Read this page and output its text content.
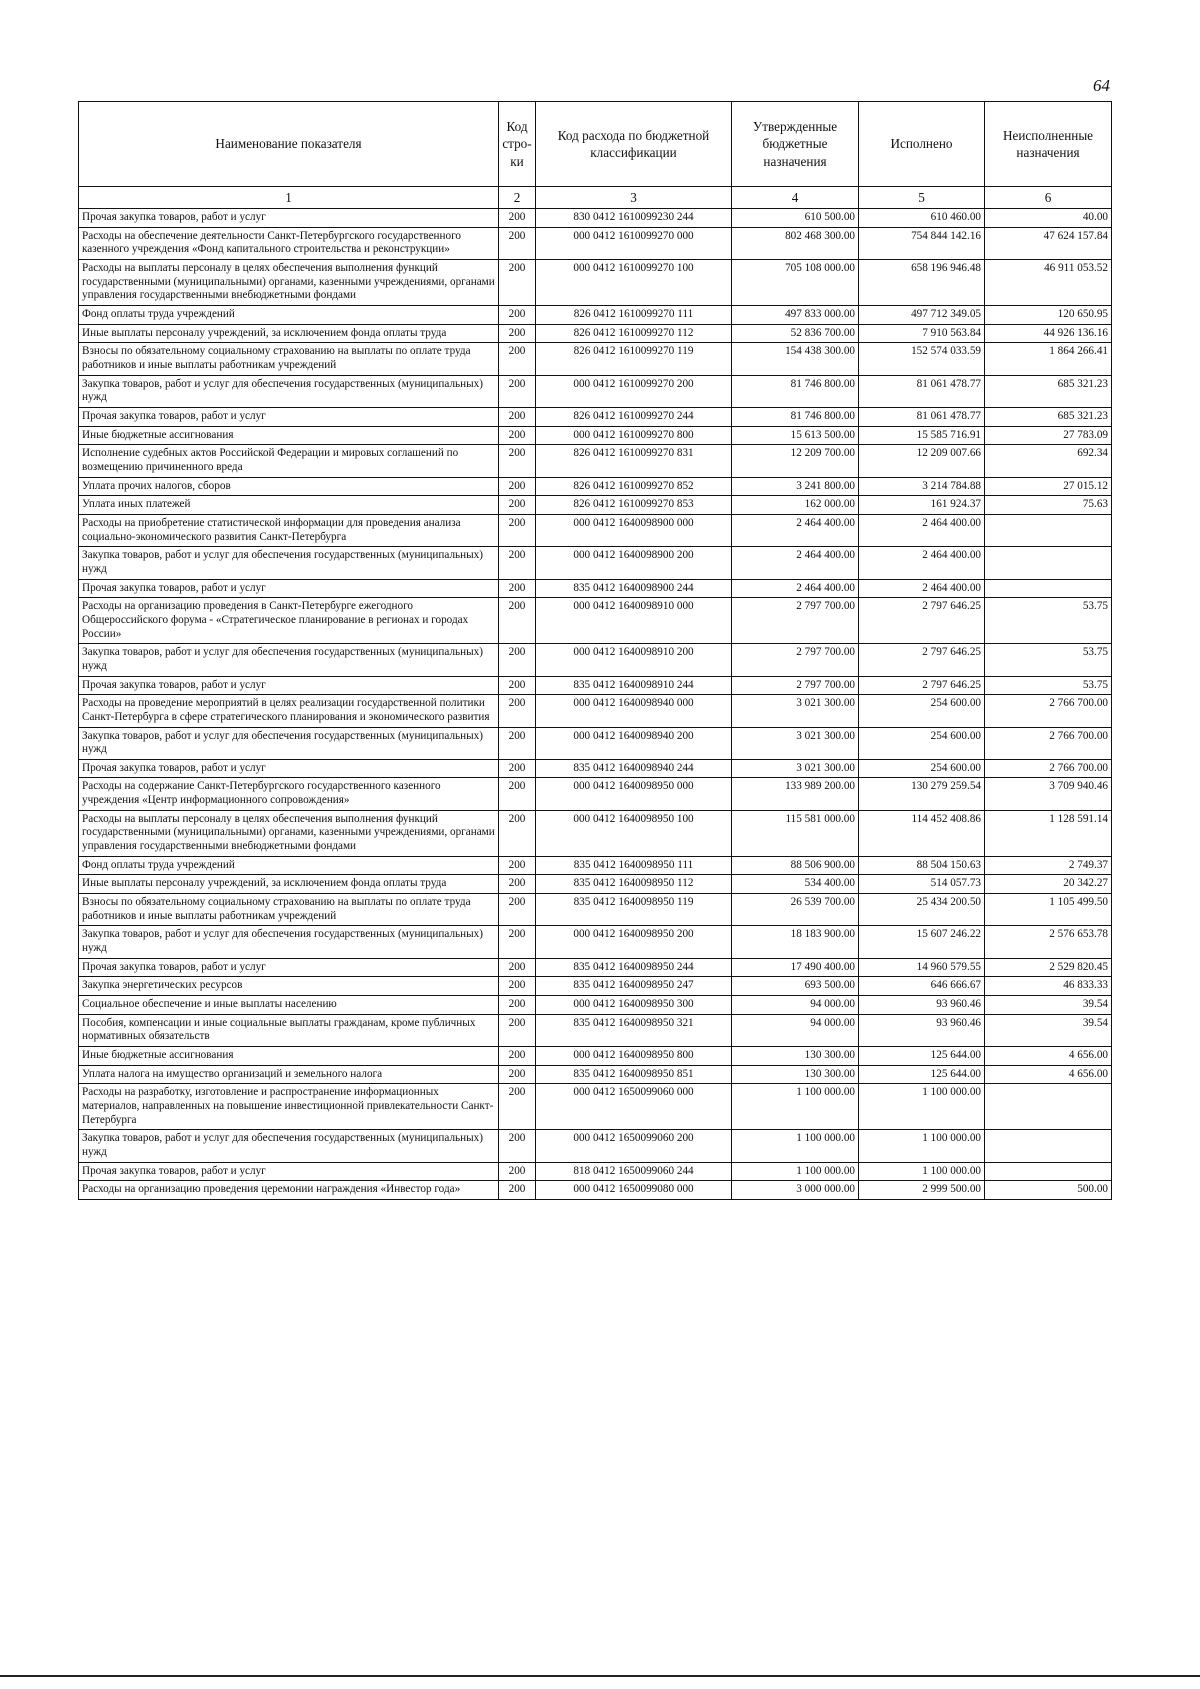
64
Наименование показателя	Код стро-ки	Код расхода по бюджетной классификации	Утвержденные бюджетные назначения	Исполнено	Неисполненные назначения
1	2	3	4	5	6
Прочая закупка товаров, работ и услуг	200	830 0412 1610099230 244	610 500.00	610 460.00	40.00
Расходы на обеспечение деятельности Санкт-Петербургского государственного казенного учреждения «Фонд капитального строительства и реконструкции»	200	000 0412 1610099270 000	802 468 300.00	754 844 142.16	47 624 157.84
Расходы на выплаты персоналу в целях обеспечения выполнения функций государственными (муниципальными) органами, казенными учреждениями, органами управления государственными внебюджетными фондами	200	000 0412 1610099270 100	705 108 000.00	658 196 946.48	46 911 053.52
Фонд оплаты труда учреждений	200	826 0412 1610099270 111	497 833 000.00	497 712 349.05	120 650.95
Иные выплаты персоналу учреждений, за исключением фонда оплаты труда	200	826 0412 1610099270 112	52 836 700.00	7 910 563.84	44 926 136.16
Взносы по обязательному социальному страхованию на выплаты по оплате труда работников и иные выплаты работникам учреждений	200	826 0412 1610099270 119	154 438 300.00	152 574 033.59	1 864 266.41
Закупка товаров, работ и услуг для обеспечения государственных (муниципальных) нужд	200	000 0412 1610099270 200	81 746 800.00	81 061 478.77	685 321.23
Прочая закупка товаров, работ и услуг	200	826 0412 1610099270 244	81 746 800.00	81 061 478.77	685 321.23
Иные бюджетные ассигнования	200	000 0412 1610099270 800	15 613 500.00	15 585 716.91	27 783.09
Исполнение судебных актов Российской Федерации и мировых соглашений по возмещению причиненного вреда	200	826 0412 1610099270 831	12 209 700.00	12 209 007.66	692.34
Уплата прочих налогов, сборов	200	826 0412 1610099270 852	3 241 800.00	3 214 784.88	27 015.12
Уплата иных платежей	200	826 0412 1610099270 853	162 000.00	161 924.37	75.63
Расходы на приобретение статистической информации для проведения анализа социально-экономического развития Санкт-Петербурга	200	000 0412 1640098900 000	2 464 400.00	2 464 400.00	
Закупка товаров, работ и услуг для обеспечения государственных (муниципальных) нужд	200	000 0412 1640098900 200	2 464 400.00	2 464 400.00	
Прочая закупка товаров, работ и услуг	200	835 0412 1640098900 244	2 464 400.00	2 464 400.00	
Расходы на организацию проведения в Санкт-Петербурге ежегодного Общероссийского форума - «Стратегическое планирование в регионах и городах России»	200	000 0412 1640098910 000	2 797 700.00	2 797 646.25	53.75
Закупка товаров, работ и услуг для обеспечения государственных (муниципальных) нужд	200	000 0412 1640098910 200	2 797 700.00	2 797 646.25	53.75
Прочая закупка товаров, работ и услуг	200	835 0412 1640098910 244	2 797 700.00	2 797 646.25	53.75
Расходы на проведение мероприятий в целях реализации государственной политики Санкт-Петербурга в сфере стратегического планирования и экономического развития	200	000 0412 1640098940 000	3 021 300.00	254 600.00	2 766 700.00
Закупка товаров, работ и услуг для обеспечения государственных (муниципальных) нужд	200	000 0412 1640098940 200	3 021 300.00	254 600.00	2 766 700.00
Прочая закупка товаров, работ и услуг	200	835 0412 1640098940 244	3 021 300.00	254 600.00	2 766 700.00
Расходы на содержание Санкт-Петербургского государственного казенного учреждения «Центр информационного сопровождения»	200	000 0412 1640098950 000	133 989 200.00	130 279 259.54	3 709 940.46
Расходы на выплаты персоналу в целях обеспечения выполнения функций государственными (муниципальными) органами, казенными учреждениями, органами управления государственными внебюджетными фондами	200	000 0412 1640098950 100	115 581 000.00	114 452 408.86	1 128 591.14
Фонд оплаты труда учреждений	200	835 0412 1640098950 111	88 506 900.00	88 504 150.63	2 749.37
Иные выплаты персоналу учреждений, за исключением фонда оплаты труда	200	835 0412 1640098950 112	534 400.00	514 057.73	20 342.27
Взносы по обязательному социальному страхованию на выплаты по оплате труда работников и иные выплаты работникам учреждений	200	835 0412 1640098950 119	26 539 700.00	25 434 200.50	1 105 499.50
Закупка товаров, работ и услуг для обеспечения государственных (муниципальных) нужд	200	000 0412 1640098950 200	18 183 900.00	15 607 246.22	2 576 653.78
Прочая закупка товаров, работ и услуг	200	835 0412 1640098950 244	17 490 400.00	14 960 579.55	2 529 820.45
Закупка энергетических ресурсов	200	835 0412 1640098950 247	693 500.00	646 666.67	46 833.33
Социальное обеспечение и иные выплаты населению	200	000 0412 1640098950 300	94 000.00	93 960.46	39.54
Пособия, компенсации и иные социальные выплаты гражданам, кроме публичных нормативных обязательств	200	835 0412 1640098950 321	94 000.00	93 960.46	39.54
Иные бюджетные ассигнования	200	000 0412 1640098950 800	130 300.00	125 644.00	4 656.00
Уплата налога на имущество организаций и земельного налога	200	835 0412 1640098950 851	130 300.00	125 644.00	4 656.00
Расходы на разработку, изготовление и распространение информационных материалов, направленных на повышение инвестиционной привлекательности Санкт-Петербурга	200	000 0412 1650099060 000	1 100 000.00	1 100 000.00	
Закупка товаров, работ и услуг для обеспечения государственных (муниципальных) нужд	200	000 0412 1650099060 200	1 100 000.00	1 100 000.00	
Прочая закупка товаров, работ и услуг	200	818 0412 1650099060 244	1 100 000.00	1 100 000.00	
Расходы на организацию проведения церемонии награждения «Инвестор года»	200	000 0412 1650099080 000	3 000 000.00	2 999 500.00	500.00
